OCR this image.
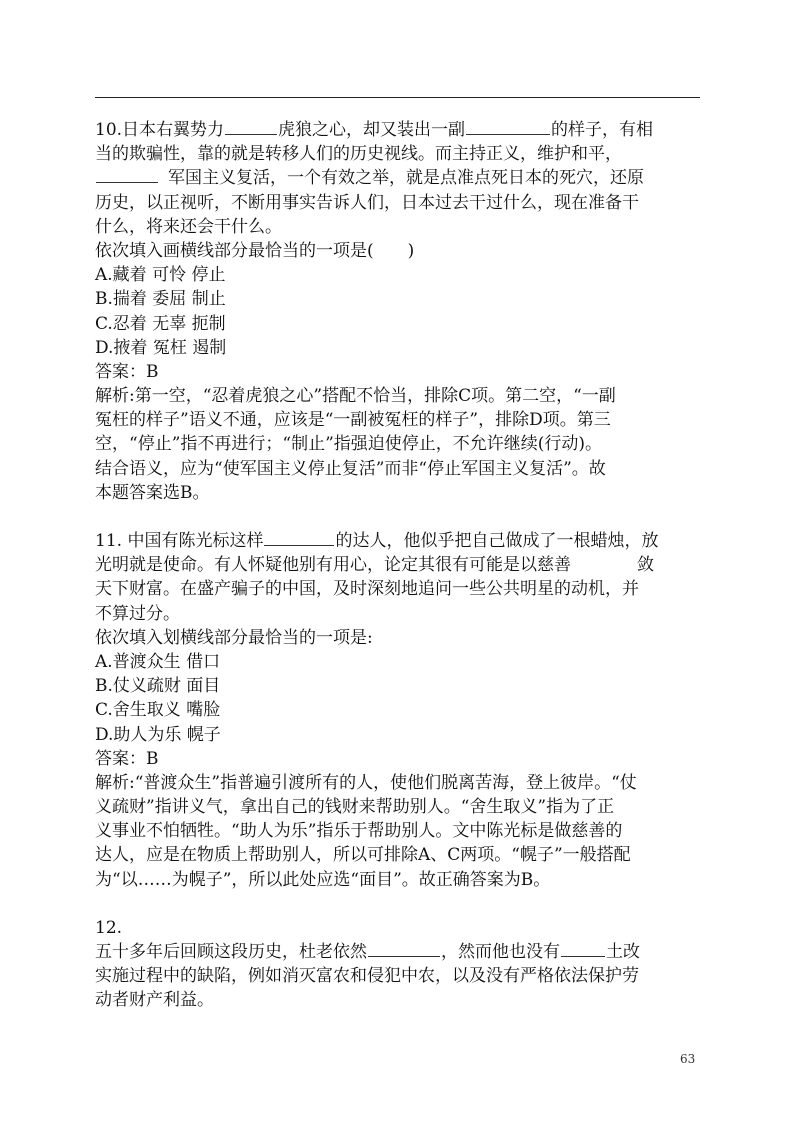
10.日本右翼势力	虎狼之心，却又装出一副	的样子，有相
当的欺骗性，靠的就是转移人们的历史视线。而主持正义，维护和平，
军国主义复活，一个有效之举，就是点准点死日本的死穴，还原
历史，以正视听，不断用事实告诉人们，日本过去干过什么，现在准备干
什么，将来还会干什么。
依次填入画横线部分最恰当的一项是(　　)
A.藏着 可怜 停止
B.揣着 委屈 制止
C.忍着 无辜 扼制
D.掖着 冤枉 遏制
答案：B
解析:第一空，“忍着虎狼之心”搭配不恰当，排除C项。第二空，“一副
冤枉的样子”语义不通，应该是“一副被冤枉的样子”，排除D项。第三
空，“停止”指不再进行；“制止”指强迫使停止，不允许继续(行动)。
结合语义，应为“使军国主义停止复活”而非“停止军国主义复活”。故
本题答案选B。
11. 中国有陈光标这样	的达人，他似乎把自己做成了一根蜡烛，放
光明就是使命。有人怀疑他别有用心，论定其很有可能是以慈善	敛
天下财富。在盛产骗子的中国，及时深刻地追问一些公共明星的动机，并
不算过分。
依次填入划横线部分最恰当的一项是:
A.普渡众生 借口
B.仗义疏财 面目
C.舍生取义 嘴脸
D.助人为乐 幌子
答案：B
解析:“普渡众生”指普遍引渡所有的人，使他们脱离苦海，登上彼岸。“仗
义疏财”指讲义气，拿出自己的钱财来帮助别人。“舍生取义”指为了正
义事业不怕牺牲。“助人为乐”指乐于帮助别人。文中陈光标是做慈善的
达人，应是在物质上帮助别人，所以可排除A、C两项。“幌子”一般搭配
为“以……为幌子”，所以此处应选“面目”。故正确答案为B。
12.
五十多年后回顾这段历史，杜老依然	，然而他也没有	土改
实施过程中的缺陷，例如消灭富农和侵犯中农，以及没有严格依法保护劳
动者财产利益。
63
